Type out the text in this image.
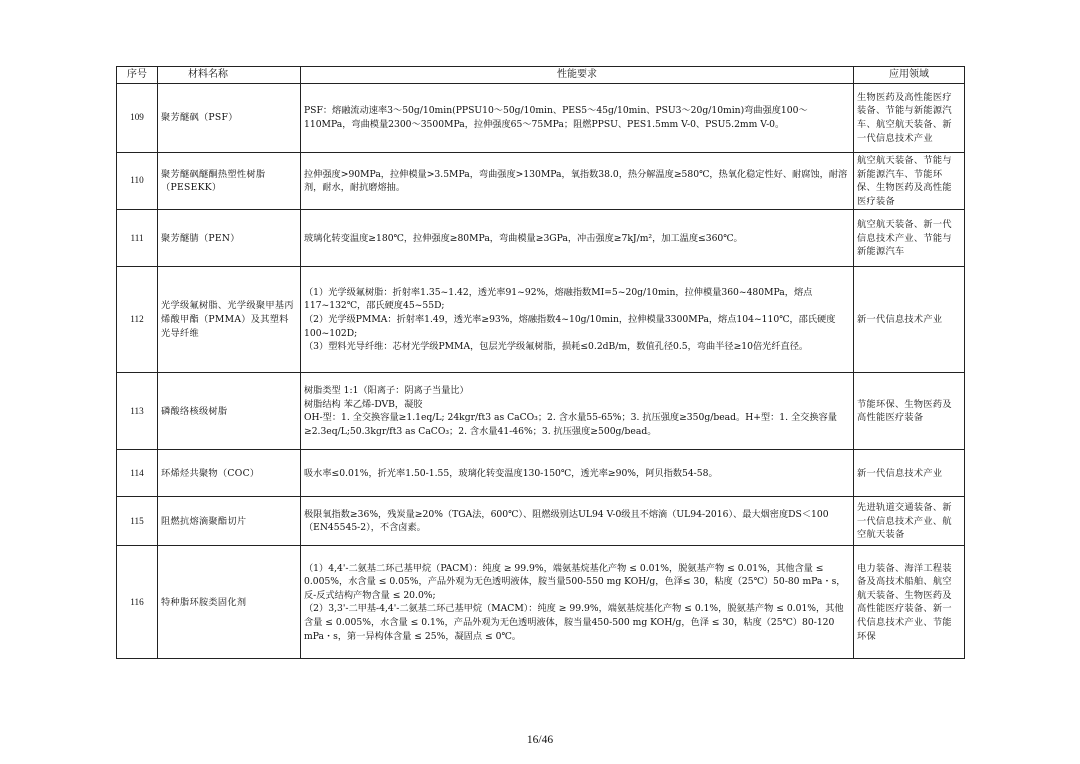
序号	材料名称	性能要求	应用领域
109	聚芳醚砜（PSF）	PSF：熔融流动速率3～50g/10min(PPSU10～50g/10min、PES5～45g/10min、PSU3～20g/10min)弯曲强度100～110MPa，弯曲模量2300～3500MPa，拉伸强度65～75MPa；阻燃PPSU、PES1.5mm V-0、PSU5.2mm V-0。	生物医药及高性能医疗装备、节能与新能源汽车、航空航天装备、新一代信息技术产业
110	聚芳醚砜醚酮热塑性树脂（PESEKK）	拉伸强度>90MPa，拉伸模量>3.5MPa，弯曲强度>130MPa，氧指数38.0，热分解温度≥580℃，热氧化稳定性好、耐腐蚀，耐溶剂，耐水，耐抗磨熔抽。	航空航天装备、节能与新能源汽车、节能环保、生物医药及高性能医疗装备
111	聚芳醚腈（PEN）	玻璃化转变温度≥180℃，拉伸强度≥80MPa，弯曲模量≥3GPa，冲击强度≥7kJ/m²，加工温度≤360℃。	航空航天装备、新一代信息技术产业、节能与新能源汽车
112	光学级氟树脂、光学级聚甲基丙烯酸甲酯（PMMA）及其塑料光导纤维	（1）光学级氟树脂：折射率1.35~1.42，透光率91~92%，熔融指数MI=5~20g/10min，拉伸模量360~480MPa，熔点117~132℃，邵氏硬度45~55D;
（2）光学级PMMA：折射率1.49，透光率≥93%，熔融指数4~10g/10min，拉伸模量3300MPa，熔点104~110℃，邵氏硬度100~102D;
（3）塑料光导纤维：芯材光学级PMMA，包层光学级氟树脂，损耗≤0.2dB/m，数值孔径0.5，弯曲半径≥10倍光纤直径。	新一代信息技术产业
113	磷酸络核级树脂	树脂类型 1:1（阳离子：阴离子当量比）
树脂结构 苯乙烯-DVB，凝胶
OH-型：1. 全交换容量≥1.1eq/L; 24kgr/ft3 as CaCO₃；2. 含水量55-65%；3. 抗压强度≥350g/bead。H+型：1. 全交换容量≥2.3eq/L;50.3kgr/ft3 as CaCO₃；2. 含水量41-46%；3. 抗压强度≥500g/bead。	节能环保、生物医药及高性能医疗装备
114	环烯烃共聚物（COC）	吸水率≤0.01%，折光率1.50-1.55，玻璃化转变温度130-150℃，透光率≥90%，阿贝指数54-58。	新一代信息技术产业
115	阻燃抗熔滴聚酯切片	极限氧指数≥36%，残炭量≥20%（TGA法，600℃）、阻燃级别达UL94 V-0级且不熔滴（UL94-2016）、最大烟密度DS＜100（EN45545-2），不含卤素。	先进轨道交通装备、新一代信息技术产业、航空航天装备
116	特种脂环胺类固化剂	（1）4,4'-二氨基二环己基甲烷（PACM）：纯度 ≥ 99.9%，端氨基烷基化产物 ≤ 0.01%，脱氨基产物 ≤ 0.01%，其他含量 ≤ 0.005%，水含量 ≤ 0.05%，产品外观为无色透明液体，胺当量500-550 mg KOH/g，色泽≤ 30，粘度（25℃）50-80 mPa・s，反-反式结构产物含量 ≤ 20.0%;
（2）3,3'-二甲基-4,4'-二氨基二环己基甲烷（MACM）：纯度 ≥ 99.9%，端氨基烷基化产物 ≤ 0.1%，脱氨基产物 ≤ 0.01%，其他含量 ≤ 0.005%，水含量 ≤ 0.1%，产品外观为无色透明液体，胺当量450-500 mg KOH/g，色泽 ≤ 30，粘度（25℃）80-120 mPa・s，第一异构体含量 ≤ 25%，凝固点 ≤ 0℃。	电力装备、海洋工程装备及高技术船舶、航空航天装备、生物医药及高性能医疗装备、新一代信息技术产业、节能环保
16/46
